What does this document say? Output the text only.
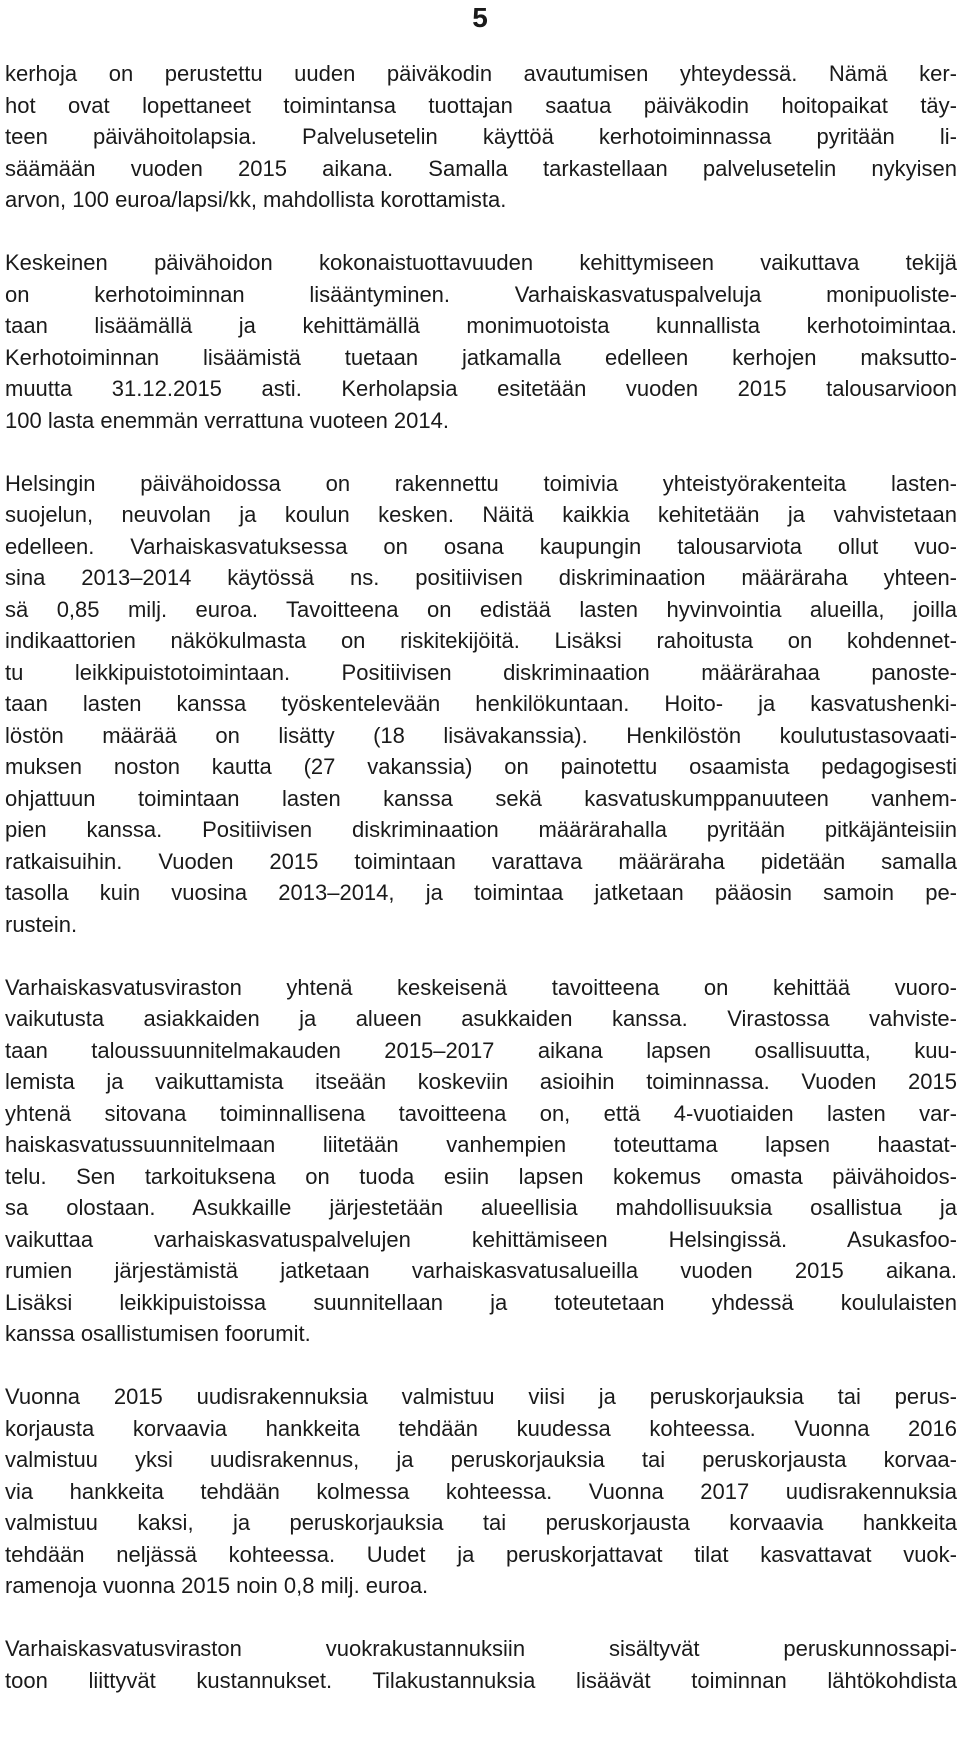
5
kerhoja on perustettu uuden päiväkodin avautumisen yhteydessä. Nämä ker-
hot ovat lopettaneet toimintansa tuottajan saatua päiväkodin hoitopaikat täy-
teen päivähoitolapsia. Palvelusetelin käyttöä kerhotoiminnassa pyritään li-
säämään vuoden 2015 aikana. Samalla tarkastellaan palvelusetelin nykyisen
arvon, 100 euroa/lapsi/kk, mahdollista korottamista.
Keskeinen päivähoidon kokonaistuottavuuden kehittymiseen vaikuttava tekijä
on kerhotoiminnan lisääntyminen. Varhaiskasvatuspalveluja monipuoliste-
taan lisäämällä ja kehittämällä monimuotoista kunnallista kerhotoimintaa.
Kerhotoiminnan lisäämistä tuetaan jatkamalla edelleen kerhojen maksutto-
muutta 31.12.2015 asti. Kerholapsia esitetään vuoden 2015 talousarvioon
100 lasta enemmän verrattuna vuoteen 2014.
Helsingin päivähoidossa on rakennettu toimivia yhteistyörakenteita lasten-
suojelun, neuvolan ja koulun kesken. Näitä kaikkia kehitetään ja vahvistetaan
edelleen. Varhaiskasvatuksessa on osana kaupungin talousarviota ollut vuo-
sina 2013–2014 käytössä ns. positiivisen diskriminaation määräraha yhteen-
sä 0,85 milj. euroa. Tavoitteena on edistää lasten hyvinvointia alueilla, joilla
indikaattorien näkökulmasta on riskitekijöitä. Lisäksi rahoitusta on kohdennet-
tu leikkipuistotoimintaan. Positiivisen diskriminaation määrärahaa panoste-
taan lasten kanssa työskentelevään henkilökuntaan. Hoito- ja kasvatushenki-
löstön määrää on lisätty (18 lisävakanssia). Henkilöstön koulutustasovaati-
muksen noston kautta (27 vakanssia) on painotettu osaamista pedagogisesti
ohjattuun toimintaan lasten kanssa sekä kasvatuskumppanuuteen vanhem-
pien kanssa. Positiivisen diskriminaation määrärahalla pyritään pitkäjänteisiin
ratkaisuihin. Vuoden 2015 toimintaan varattava määräraha pidetään samalla
tasolla kuin vuosina 2013–2014, ja toimintaa jatketaan pääosin samoin pe-
rustein.
Varhaiskasvatusviraston yhtenä keskeisenä tavoitteena on kehittää vuoro-
vaikutusta asiakkaiden ja alueen asukkaiden kanssa. Virastossa vahviste-
taan taloussuunnitelmakauden 2015–2017 aikana lapsen osallisuutta, kuu-
lemista ja vaikuttamista itseään koskeviin asioihin toiminnassa. Vuoden 2015
yhtenä sitovana toiminnallisena tavoitteena on, että 4-vuotiaiden lasten var-
haiskasvatussuunnitelmaan liitetään vanhempien toteuttama lapsen haastat-
telu. Sen tarkoituksena on tuoda esiin lapsen kokemus omasta päivähoidos-
sa olostaan. Asukkaille järjestetään alueellisia mahdollisuuksia osallistua ja
vaikuttaa varhaiskasvatuspalvelujen kehittämiseen Helsingissä. Asukasfoo-
rumien järjestämistä jatketaan varhaiskasvatusalueilla vuoden 2015 aikana.
Lisäksi leikkipuistoissa suunnitellaan ja toteutetaan yhdessä koululaisten
kanssa osallistumisen foorumit.
Vuonna 2015 uudisrakennuksia valmistuu viisi ja peruskorjauksia tai perus-
korjausta korvaavia hankkeita tehdään kuudessa kohteessa. Vuonna 2016
valmistuu yksi uudisrakennus, ja peruskorjauksia tai peruskorjausta korvaa-
via hankkeita tehdään kolmessa kohteessa. Vuonna 2017 uudisrakennuksia
valmistuu kaksi, ja peruskorjauksia tai peruskorjausta korvaavia hankkeita
tehdään neljässä kohteessa. Uudet ja peruskorjattavat tilat kasvattavat vuok-
ramenoja vuonna 2015 noin 0,8 milj. euroa.
Varhaiskasvatusviraston vuokrakustannuksiin sisältyvät peruskunnossapi-
toon liittyvät kustannukset. Tilakustannuksia lisäävät toiminnan lähtökohdista
